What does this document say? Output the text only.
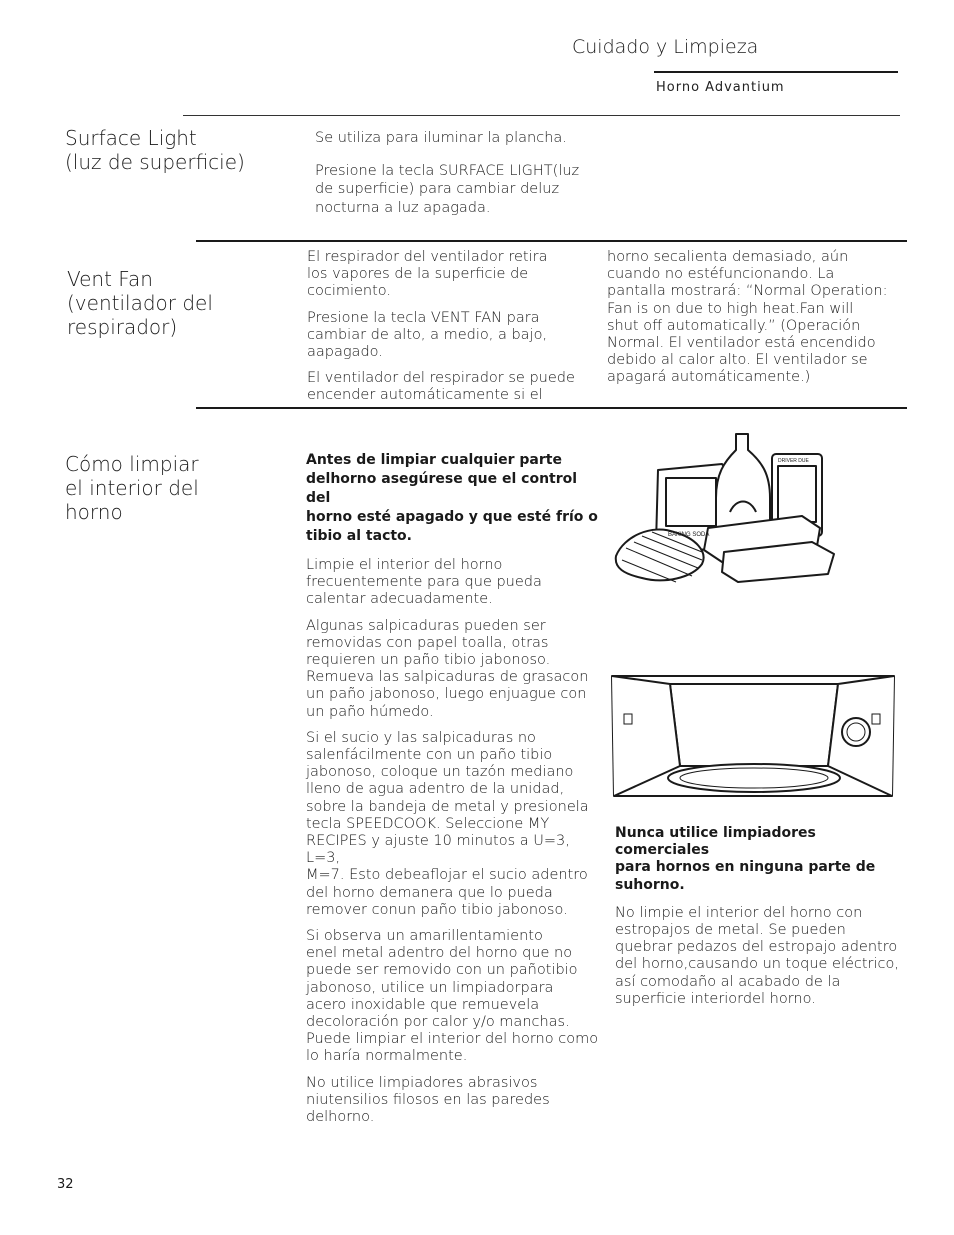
Cuidado y Limpieza
Horno Advantium
Surface Light
(luz de superficie)

Se utiliza para iluminar la plancha.

Presione la tecla SURFACE LIGHT(luz
de superficie) para cambiar deluz
nocturna a luz apagada.
Vent Fan
(ventilador del
respirador)
El respirador del ventilador retira
los vapores de la superficie de
cocimiento.
Presione la tecla VENT FAN para
cambiar de alto, a medio, a bajo,
aapagado.
El ventilador del respirador se puede
encender automáticamente si el
horno secalienta demasiado, aún
cuando no estéfuncionando. La
pantalla mostrará: “Normal Operation:
Fan is on due to high heat.Fan will
shut off automatically.” (Operación
Normal. El ventilador está encendido
debido al calor alto. El ventilador se
apagará automáticamente.)
Cómo limpiar
el interior del
horno
Antes de limpiar cualquier parte
delhorno asegúrese que el control del
horno esté apagado y que esté frío o
tibio al tacto.
Limpie el interior del horno
frecuentemente para que pueda
calentar adecuadamente.
Algunas salpicaduras pueden ser
removidas con papel toalla, otras
requieren un paño tibio jabonoso.
Remueva las salpicaduras de grasacon
un paño jabonoso, luego enjuague con
un paño húmedo.
Si el sucio y las salpicaduras no
salenfácilmente con un paño tibio
jabonoso, coloque un tazón mediano
lleno de agua adentro de la unidad,
sobre la bandeja de metal y presionela
tecla SPEEDCOOK. Seleccione MY
RECIPES y ajuste 10 minutos a U=3, L=3,
M=7. Esto debeaflojar el sucio adentro
del horno demanera que lo pueda
remover conun paño tibio jabonoso.
Si observa un amarillentamiento
enel metal adentro del horno que no
puede ser removido con un pañotibio
jabonoso, utilice un limpiadorpara
acero inoxidable que remuevela
decoloración por calor y/o manchas.
Puede limpiar el interior del horno como
lo haría normalmente.
No utilice limpiadores abrasivos
niutensilios filosos en las paredes
delhorno.
BAKING SODA
DRIVER DUE
Nunca utilice limpiadores comerciales
para hornos en ninguna parte de
suhorno.
No limpie el interior del horno con
estropajos de metal. Se pueden
quebrar pedazos del estropajo adentro
del horno,causando un toque eléctrico,
así comodaño al acabado de la
superficie interiordel horno.
32
